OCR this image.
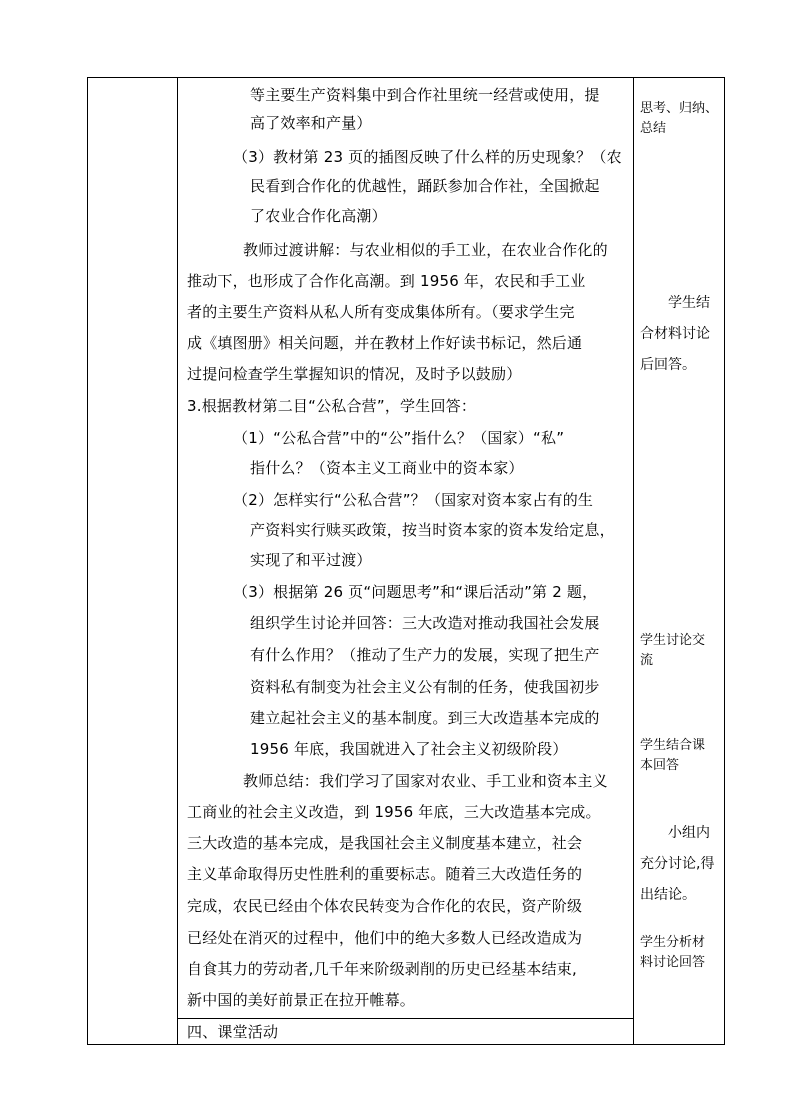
等主要生产资料集中到合作社里统一经营或使用，提
高了效率和产量）
（3）教材第 23 页的插图反映了什么样的历史现象？（农
民看到合作化的优越性，踊跃参加合作社，全国掀起
了农业合作化高潮）
教师过渡讲解：与农业相似的手工业，在农业合作化的
推动下，也形成了合作化高潮。到 1956 年，农民和手工业
者的主要生产资料从私人所有变成集体所有。（要求学生完
成《填图册》相关问题，并在教材上作好读书标记，然后通
过提问检查学生掌握知识的情况，及时予以鼓励）
3.根据教材第二目“公私合营”，学生回答：
（1）“公私合营”中的“公”指什么？（国家）“私”
指什么？（资本主义工商业中的资本家）
（2）怎样实行“公私合营”？（国家对资本家占有的生
产资料实行赎买政策，按当时资本家的资本发给定息，
实现了和平过渡）
（3）根据第 26 页“问题思考”和“课后活动”第 2 题，
组织学生讨论并回答：三大改造对推动我国社会发展
有什么作用？（推动了生产力的发展，实现了把生产
资料私有制变为社会主义公有制的任务，使我国初步
建立起社会主义的基本制度。到三大改造基本完成的
1956 年底，我国就进入了社会主义初级阶段）
教师总结：我们学习了国家对农业、手工业和资本主义
工商业的社会主义改造，到 1956 年底，三大改造基本完成。
三大改造的基本完成，是我国社会主义制度基本建立，社会
主义革命取得历史性胜利的重要标志。随着三大改造任务的
完成，农民已经由个体农民转变为合作化的农民，资产阶级
已经处在消灭的过程中，他们中的绝大多数人已经改造成为
自食其力的劳动者,几千年来阶级剥削的历史已经基本结束,
新中国的美好前景正在拉开帷幕。
四、课堂活动
思考、归纳、
总结
学生结
合材料讨论
后回答。
学生讨论交
流
学生结合课
本回答
小组内
充分讨论,得
出结论。
学生分析材
料讨论回答
